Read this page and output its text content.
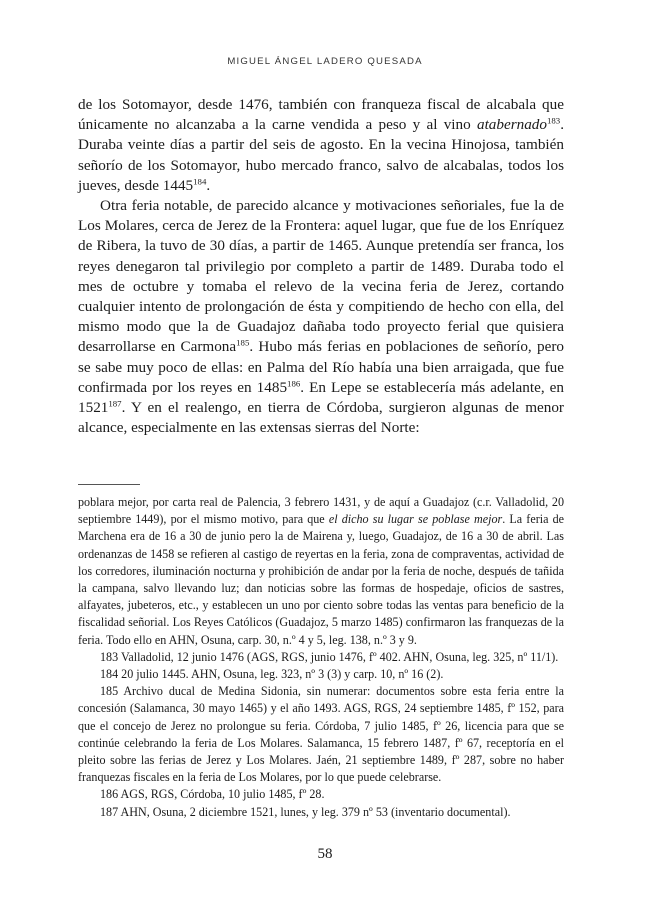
MIGUEL ÁNGEL LADERO QUESADA

de los Sotomayor, desde 1476, también con franqueza fiscal de alcabala que únicamente no alcanzaba a la carne vendida a peso y al vino atabernado$^{183}$. Duraba veinte días a partir del seis de agosto. En la vecina Hinojosa, también señorío de los Sotomayor, hubo mercado franco, salvo de alcabalas, todos los jueves, desde 1445$^{184}$.

Otra feria notable, de parecido alcance y motivaciones señoriales, fue la de Los Molares, cerca de Jerez de la Frontera: aquel lugar, que fue de los Enríquez de Ribera, la tuvo de 30 días, a partir de 1465. Aunque pretendía ser franca, los reyes denegaron tal privilegio por completo a partir de 1489. Duraba todo el mes de octubre y tomaba el relevo de la vecina feria de Jerez, cortando cualquier intento de prolongación de ésta y compitiendo de hecho con ella, del mismo modo que la de Guadajoz dañaba todo proyecto ferial que quisiera desarrollarse en Carmona$^{185}$. Hubo más ferias en poblaciones de señorío, pero se sabe muy poco de ellas: en Palma del Río había una bien arraigada, que fue confirmada por los reyes en 1485$^{186}$. En Lepe se establecería más adelante, en 1521$^{187}$. Y en el realengo, en tierra de Córdoba, surgieron algunas de menor alcance, especialmente en las extensas sierras del Norte:

poblara mejor, por carta real de Palencia, 3 febrero 1431, y de aquí a Guadajoz (c.r. Valladolid, 20 septiembre 1449), por el mismo motivo, para que el dicho su lugar se poblase mejor. La feria de Marchena era de 16 a 30 de junio pero la de Mairena y, luego, Guadajoz, de 16 a 30 de abril. Las ordenanzas de 1458 se refieren al castigo de reyertas en la feria, zona de compraventas, actividad de los corredores, iluminación nocturna y prohibición de andar por la feria de noche, después de tañida la campana, salvo llevando luz; dan noticias sobre las formas de hospedaje, oficios de sastres, alfayates, jubeteros, etc., y establecen un uno por ciento sobre todas las ventas para beneficio de la fiscalidad señorial. Los Reyes Católicos (Guadajoz, 5 marzo 1485) confirmaron las franquezas de la feria. Todo ello en AHN, Osuna, carp. 30, n.º 4 y 5, leg. 138, n.º 3 y 9.

183 Valladolid, 12 junio 1476 (AGS, RGS, junio 1476, fº 402. AHN, Osuna, leg. 325, nº 11/1).

184 20 julio 1445. AHN, Osuna, leg. 323, nº 3 (3) y carp. 10, nº 16 (2).

185 Archivo ducal de Medina Sidonia, sin numerar: documentos sobre esta feria entre la concesión (Salamanca, 30 mayo 1465) y el año 1493. AGS, RGS, 24 septiembre 1485, fº 152, para que el concejo de Jerez no prolongue su feria. Córdoba, 7 julio 1485, fº 26, licencia para que se continúe celebrando la feria de Los Molares. Salamanca, 15 febrero 1487, fº 67, receptoría en el pleito sobre las ferias de Jerez y Los Molares. Jaén, 21 septiembre 1489, fº 287, sobre no haber franquezas fiscales en la feria de Los Molares, por lo que puede celebrarse.

186 AGS, RGS, Córdoba, 10 julio 1485, fº 28.

187 AHN, Osuna, 2 diciembre 1521, lunes, y leg. 379 nº 53 (inventario documental).

58
